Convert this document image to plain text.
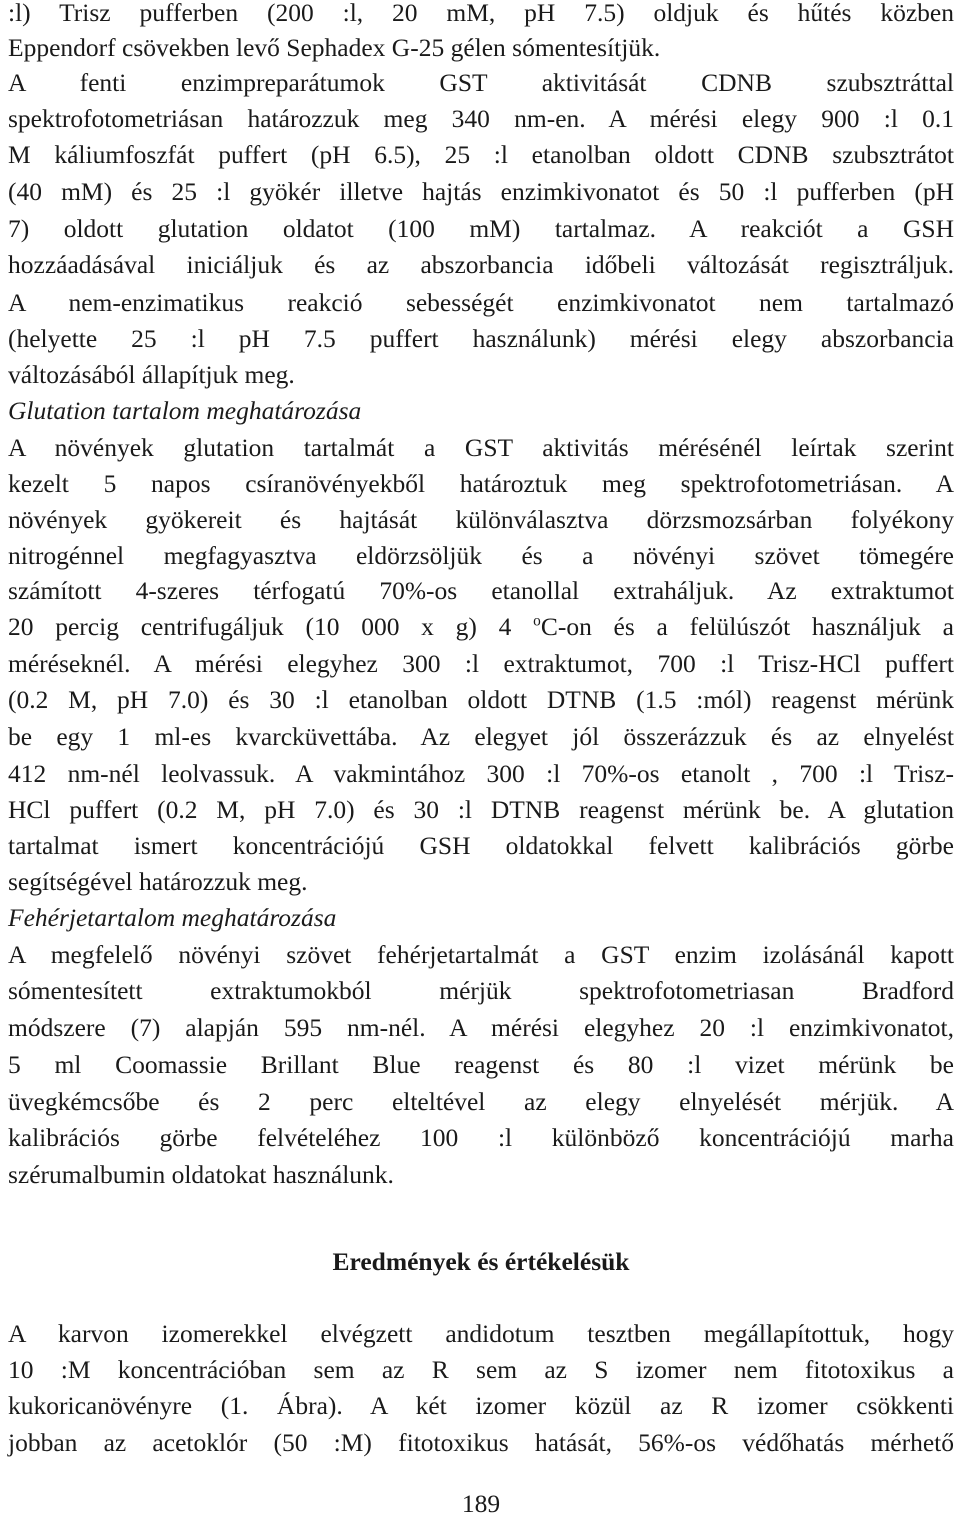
:l) Trisz pufferben (200 :l, 20 mM, pH 7.5) oldjuk és hűtés közben
Eppendorf csövekben levő Sephadex G-25 gélen sómentesítjük.
A fenti enzimpreparátumok GST aktivitását CDNB szubsztráttal
spektrofotometriásan határozzuk meg 340 nm-en. A mérési elegy 900 :l 0.1
M káliumfoszfát puffert (pH 6.5), 25 :l etanolban oldott CDNB szubsztrátot
(40 mM) és 25 :l gyökér illetve hajtás enzimkivonatot és 50 :l pufferben (pH
7) oldott glutation oldatot (100 mM) tartalmaz. A reakciót a GSH
hozzáadásával iniciáljuk és az abszorbancia időbeli változását regisztráljuk.
A nem-enzimatikus reakció sebességét enzimkivonatot nem tartalmazó
(helyette 25 :l pH 7.5 puffert használunk) mérési elegy abszorbancia
változásából állapítjuk meg.
Glutation tartalom meghatározása
A növények glutation tartalmát a GST aktivitás mérésénél leírtak szerint
kezelt 5 napos csíranövényekből határoztuk meg spektrofotometriásan. A
növények gyökereit és hajtását különválasztva dörzsmozsárban folyékony
nitrogénnel megfagyasztva eldörzsöljük és a növényi szövet tömegére
számított 4-szeres térfogatú 70%-os etanollal extraháljuk. Az extraktumot
20 percig centrifugáljuk (10 000 x g) 4 $^o$C-on és a felülúszót használjuk a
méréseknél. A mérési elegyhez 300 :l extraktumot, 700 :l Trisz-HCl puffert
(0.2 M, pH 7.0) és 30 :l etanolban oldott DTNB (1.5 :mól) reagenst mérünk
be egy 1 ml-es kvarcküvettába. Az elegyet jól összerázzuk és az elnyelést
412 nm-nél leolvassuk. A vakmintához 300 :l 70%-os etanolt , 700 :l Trisz-
HCl puffert (0.2 M, pH 7.0) és 30 :l DTNB reagenst mérünk be. A glutation
tartalmat ismert koncentrációjú GSH oldatokkal felvett kalibrációs görbe
segítségével határozzuk meg.
Fehérjetartalom meghatározása
A megfelelő növényi szövet fehérjetartalmát a GST enzim izolásánál kapott
sómentesített extraktumokból mérjük spektrofotometriasan Bradford
módszere (7) alapján 595 nm-nél. A mérési elegyhez 20 :l enzimkivonatot,
5 ml Coomassie Brillant Blue reagenst és 80 :l vizet mérünk be
üvegkémcsőbe és 2 perc elteltével az elegy elnyelését mérjük. A
kalibrációs görbe felvételéhez 100 :l különböző koncentrációjú marha
szérumalbumin oldatokat használunk.
Eredmények és értékelésük
A karvon izomerekkel elvégzett andidotum tesztben megállapítottuk, hogy
10 :M koncentrációban sem az R sem az S izomer nem fitotoxikus a
kukoricanövényre (1. Ábra). A két izomer közül az R izomer csökkenti
jobban az acetoklór (50 :M) fitotoxikus hatását, 56%-os védőhatás mérhető
189
